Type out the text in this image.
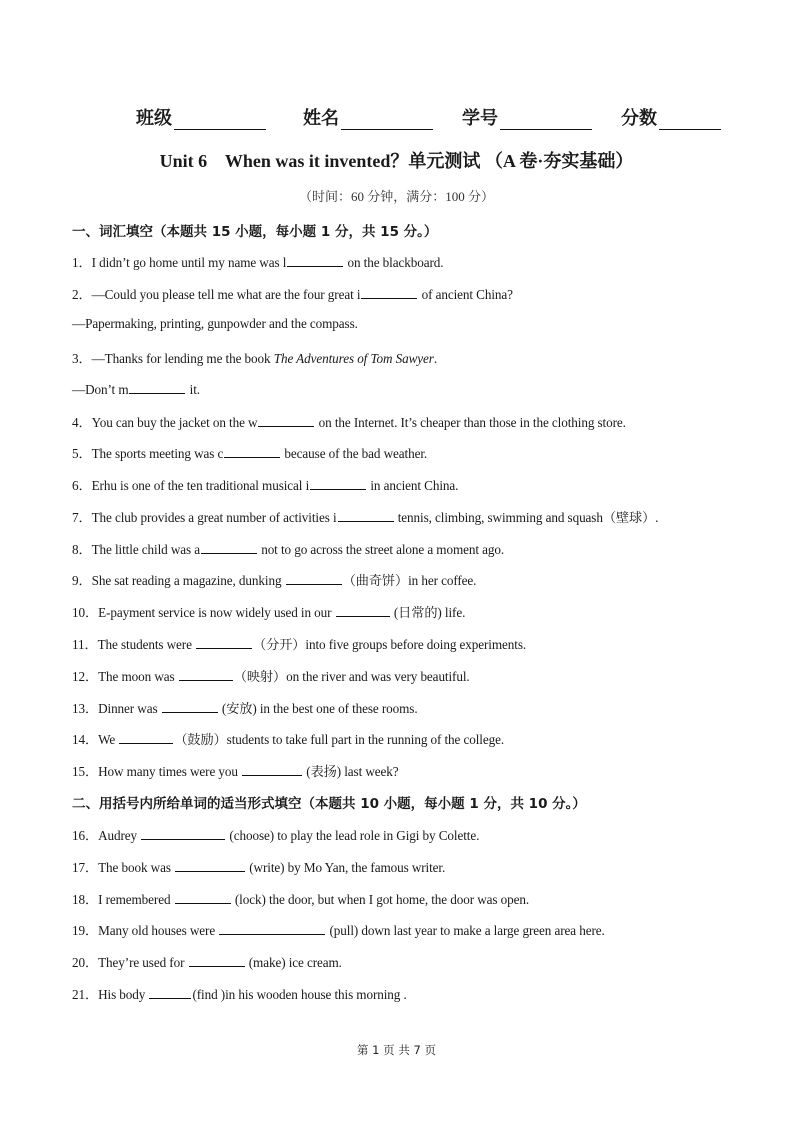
班级	姓名	学号	分数
Unit 6 When was it invented？单元测试 （A 卷·夯实基础）
（时间：60 分钟，满分：100 分）
一、词汇填空（本题共 15 小题，每小题 1 分，共 15 分。）
1．I didn’t go home until my name was l	on the blackboard.
2．—Could you please tell me what are the four great i	of ancient China?
—Papermaking, printing, gunpowder and the compass.
3．—Thanks for lending me the book The Adventures of Tom Sawyer.
—Don’t m	it.
4．You can buy the jacket on the w	on the Internet. It’s cheaper than those in the clothing store.
5．The sports meeting was c	because of the bad weather.
6．Erhu is one of the ten traditional musical i	in ancient China.
7．The club provides a great number of activities i	tennis, climbing, swimming and squash（壁球）.
8．The little child was a	not to go across the street alone a moment ago.
9．She sat reading a magazine, dunking	（曲奇饼）in her coffee.
10．E-payment service is now widely used in our	(日常的) life.
11．The students were	（分开）into five groups before doing experiments.
12．The moon was	（映射）on the river and was very beautiful.
13．Dinner was	(安放) in the best one of these rooms.
14．We	（鼓励）students to take full part in the running of the college.
15．How many times were you	(表扬) last week?
二、用括号内所给单词的适当形式填空（本题共 10 小题，每小题 1 分，共 10 分。）
16．Audrey	(choose) to play the lead role in Gigi by Colette.
17．The book was	(write) by Mo Yan, the famous writer.
18．I remembered	(lock) the door, but when I got home, the door was open.
19．Many old houses were	(pull) down last year to make a large green area here.
20．They’re used for	(make) ice cream.
21．His body	(find )in his wooden house this morning .
第 1 页 共 7 页
